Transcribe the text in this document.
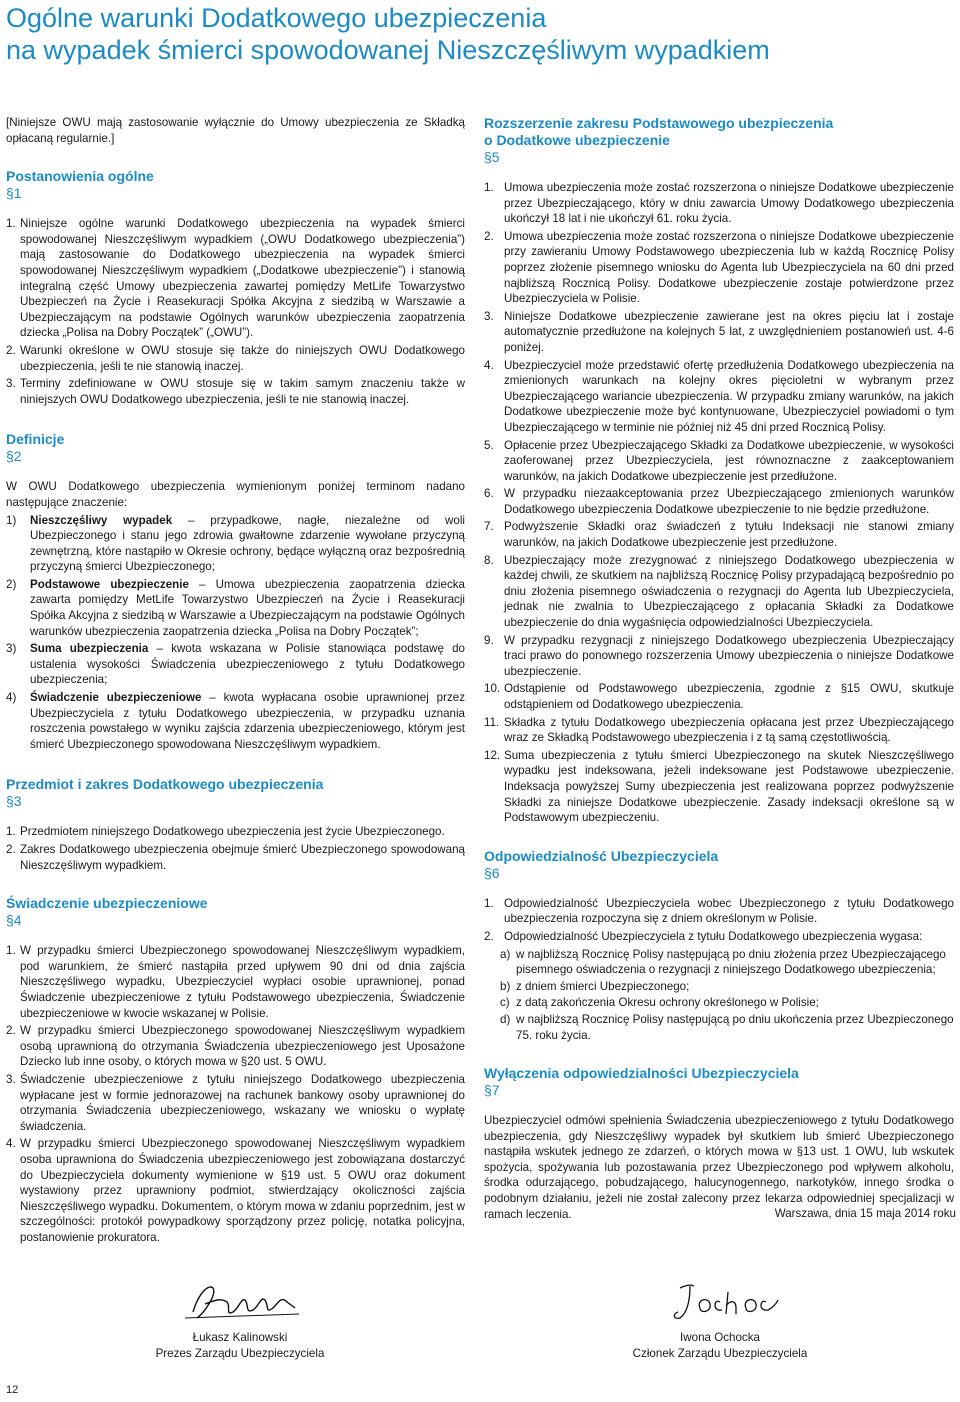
Ogólne warunki Dodatkowego ubezpieczenia
na wypadek śmierci spowodowanej Nieszczęśliwym wypadkiem

[Niniejsze OWU mają zastosowanie wyłącznie do Umowy ubezpieczenia ze Składką opłacaną regularnie.]

Postanowienia ogólne
§1
1. Niniejsze ogólne warunki Dodatkowego ubezpieczenia na wypadek śmierci spowodowanej Nieszczęśliwym wypadkiem („OWU Dodatkowego ubezpieczenia”) mają zastosowanie do Dodatkowego ubezpieczenia na wypadek śmierci spowodowanej Nieszczęśliwym wypadkiem („Dodatkowe ubezpieczenie”) i stanowią integralną część Umowy ubezpieczenia zawartej pomiędzy MetLife Towarzystwo Ubezpieczeń na Życie i Reasekuracji Spółka Akcyjna z siedzibą w Warszawie a Ubezpieczającym na podstawie Ogólnych warunków ubezpieczenia zaopatrzenia dziecka „Polisa na Dobry Początek” („OWU”).
2. Warunki określone w OWU stosuje się także do niniejszych OWU Dodatkowego ubezpieczenia, jeśli te nie stanowią inaczej.
3. Terminy zdefiniowane w OWU stosuje się w takim samym znaczeniu także w niniejszych OWU Dodatkowego ubezpieczenia, jeśli te nie stanowią inaczej.
Definicje
§2

W OWU Dodatkowego ubezpieczenia wymienionym poniżej terminom nadano następujące znaczenie:

1)	Nieszczęśliwy wypadek – przypadkowe, nagłe, niezależne od woli Ubezpieczonego i stanu jego zdrowia gwałtowne zdarzenie wywołane przyczyną zewnętrzną, które nastąpiło w Okresie ochrony, będące wyłączną oraz bezpośrednią przyczyną śmierci Ubezpieczonego;
2)	Podstawowe ubezpieczenie – Umowa ubezpieczenia zaopatrzenia dziecka zawarta pomiędzy MetLife Towarzystwo Ubezpieczeń na Życie i Reasekuracji Spółka Akcyjna z siedzibą w Warszawie a Ubezpieczającym na podstawie Ogólnych warunków ubezpieczenia zaopatrzenia dziecka „Polisa na Dobry Początek”;
3)	Suma ubezpieczenia – kwota wskazana w Polisie stanowiąca podstawę do ustalenia wysokości Świadczenia ubezpieczeniowego z tytułu Dodatkowego ubezpieczenia;
4)	Świadczenie ubezpieczeniowe – kwota wypłacana osobie uprawnionej przez Ubezpieczyciela z tytułu Dodatkowego ubezpieczenia, w przypadku uznania roszczenia powstałego w wyniku zajścia zdarzenia ubezpieczeniowego, którym jest śmierć Ubezpieczonego spowodowana Nieszczęśliwym wypadkiem.
Przedmiot i zakres Dodatkowego ubezpieczenia
§3
1. Przedmiotem niniejszego Dodatkowego ubezpieczenia jest życie Ubezpieczonego.
2. Zakres Dodatkowego ubezpieczenia obejmuje śmierć Ubezpieczonego spowodowaną Nieszczęśliwym wypadkiem.
Świadczenie ubezpieczeniowe
§4
1. W przypadku śmierci Ubezpieczonego spowodowanej Nieszczęśliwym wypadkiem, pod warunkiem, że śmierć nastąpiła przed upływem 90 dni od dnia zajścia Nieszczęśliwego wypadku, Ubezpieczyciel wypłaci osobie uprawnionej, ponad Świadczenie ubezpieczeniowe z tytułu Podstawowego ubezpieczenia, Świadczenie ubezpieczeniowe w kwocie wskazanej w Polisie.
2. W przypadku śmierci Ubezpieczonego spowodowanej Nieszczęśliwym wypadkiem osobą uprawnioną do otrzymania Świadczenia ubezpieczeniowego jest Uposażone Dziecko lub inne osoby, o których mowa w §20 ust. 5 OWU.
3. Świadczenie ubezpieczeniowe z tytułu niniejszego Dodatkowego ubezpieczenia wypłacane jest w formie jednorazowej na rachunek bankowy osoby uprawnionej do otrzymania Świadczenia ubezpieczeniowego, wskazany we wniosku o wypłatę świadczenia.
4. W przypadku śmierci Ubezpieczonego spowodowanej Nieszczęśliwym wypadkiem osoba uprawniona do Świadczenia ubezpieczeniowego jest zobowiązana dostarczyć do Ubezpieczyciela dokumenty wymienione w §19 ust. 5 OWU oraz dokument wystawiony przez uprawniony podmiot, stwierdzający okoliczności zajścia Nieszczęśliwego wypadku. Dokumentem, o którym mowa w zdaniu poprzednim, jest w szczególności: protokół powypadkowy sporządzony przez policję, notatka policyjna, postanowienie prokuratora.
Rozszerzenie zakresu Podstawowego ubezpieczenia
o Dodatkowe ubezpieczenie
§5
1. Umowa ubezpieczenia może zostać rozszerzona o niniejsze Dodatkowe ubezpieczenie przez Ubezpieczającego, który w dniu zawarcia Umowy Dodatkowego ubezpieczenia ukończył 18 lat i nie ukończył 61. roku życia.
2. Umowa ubezpieczenia może zostać rozszerzona o niniejsze Dodatkowe ubezpieczenie przy zawieraniu Umowy Podstawowego ubezpieczenia lub w każdą Rocznicę Polisy poprzez złożenie pisemnego wniosku do Agenta lub Ubezpieczyciela na 60 dni przed najbliższą Rocznicą Polisy. Dodatkowe ubezpieczenie zostaje potwierdzone przez Ubezpieczyciela w Polisie.
3. Niniejsze Dodatkowe ubezpieczenie zawierane jest na okres pięciu lat i zostaje automatycznie przedłużone na kolejnych 5 lat, z uwzględnieniem postanowień ust. 4-6 poniżej.
4. Ubezpieczyciel może przedstawić ofertę przedłużenia Dodatkowego ubezpieczenia na zmienionych warunkach na kolejny okres pięcioletni w wybranym przez Ubezpieczającego wariancie ubezpieczenia. W przypadku zmiany warunków, na jakich Dodatkowe ubezpieczenie może być kontynuowane, Ubezpieczyciel powiadomi o tym Ubezpieczającego w terminie nie później niż 45 dni przed Rocznicą Polisy.
5. Opłacenie przez Ubezpieczającego Składki za Dodatkowe ubezpieczenie, w wysokości zaoferowanej przez Ubezpieczyciela, jest równoznaczne z zaakceptowaniem warunków, na jakich Dodatkowe ubezpieczenie jest przedłużone.
6. W przypadku niezaakceptowania przez Ubezpieczającego zmienionych warunków Dodatkowego ubezpieczenia Dodatkowe ubezpieczenie to nie będzie przedłużone.
7. Podwyższenie Składki oraz świadczeń z tytułu Indeksacji nie stanowi zmiany warunków, na jakich Dodatkowe ubezpieczenie jest przedłużone.
8. Ubezpieczający może zrezygnować z niniejszego Dodatkowego ubezpieczenia w każdej chwili, ze skutkiem na najbliższą Rocznicę Polisy przypadającą bezpośrednio po dniu złożenia pisemnego oświadczenia o rezygnacji do Agenta lub Ubezpieczyciela, jednak nie zwalnia to Ubezpieczającego z opłacania Składki za Dodatkowe ubezpieczenie do dnia wygaśnięcia odpowiedzialności Ubezpieczyciela.
9. W przypadku rezygnacji z niniejszego Dodatkowego ubezpieczenia Ubezpieczający traci prawo do ponownego rozszerzenia Umowy ubezpieczenia o niniejsze Dodatkowe ubezpieczenie.
10. Odstąpienie od Podstawowego ubezpieczenia, zgodnie z §15 OWU, skutkuje odstąpieniem od Dodatkowego ubezpieczenia.
11. Składka z tytułu Dodatkowego ubezpieczenia opłacana jest przez Ubezpieczającego wraz ze Składką Podstawowego ubezpieczenia i z tą samą częstotliwością.
12. Suma ubezpieczenia z tytułu śmierci Ubezpieczonego na skutek Nieszczęśliwego wypadku jest indeksowana, jeżeli indeksowane jest Podstawowe ubezpieczenie. Indeksacja powyższej Sumy ubezpieczenia jest realizowana poprzez podwyższenie Składki za niniejsze Dodatkowe ubezpieczenie. Zasady indeksacji określone są w Podstawowym ubezpieczeniu.
Odpowiedzialność Ubezpieczyciela
§6
1. Odpowiedzialność Ubezpieczyciela wobec Ubezpieczonego z tytułu Dodatkowego ubezpieczenia rozpoczyna się z dniem określonym w Polisie.
2. Odpowiedzialność Ubezpieczyciela z tytułu Dodatkowego ubezpieczenia wygasa:
a) w najbliższą Rocznicę Polisy następującą po dniu złożenia przez Ubezpieczającego pisemnego oświadczenia o rezygnacji z niniejszego Dodatkowego ubezpieczenia;
b) z dniem śmierci Ubezpieczonego;
c) z datą zakończenia Okresu ochrony określonego w Polisie;
d) w najbliższą Rocznicę Polisy następującą po dniu ukończenia przez Ubezpieczonego 75. roku życia.
Wyłączenia odpowiedzialności Ubezpieczyciela
§7

Ubezpieczyciel odmówi spełnienia Świadczenia ubezpieczeniowego z tytułu Dodatkowego ubezpieczenia, gdy Nieszczęśliwy wypadek był skutkiem lub śmierć Ubezpieczonego nastąpiła wskutek jednego ze zdarzeń, o których mowa w §13 ust. 1 OWU, lub wskutek spożycia, spożywania lub pozostawania przez Ubezpieczonego pod wpływem alkoholu, środka odurzającego, pobudzającego, halucynogennego, narkotyków, innego środka o podobnym działaniu, jeżeli nie został zalecony przez lekarza odpowiedniej specjalizacji w ramach leczenia.	Warszawa, dnia 15 maja 2014 roku
Łukasz Kalinowski
Prezes Zarządu Ubezpieczyciela
Iwona Ochocka
Członek Zarządu Ubezpieczyciela
12
